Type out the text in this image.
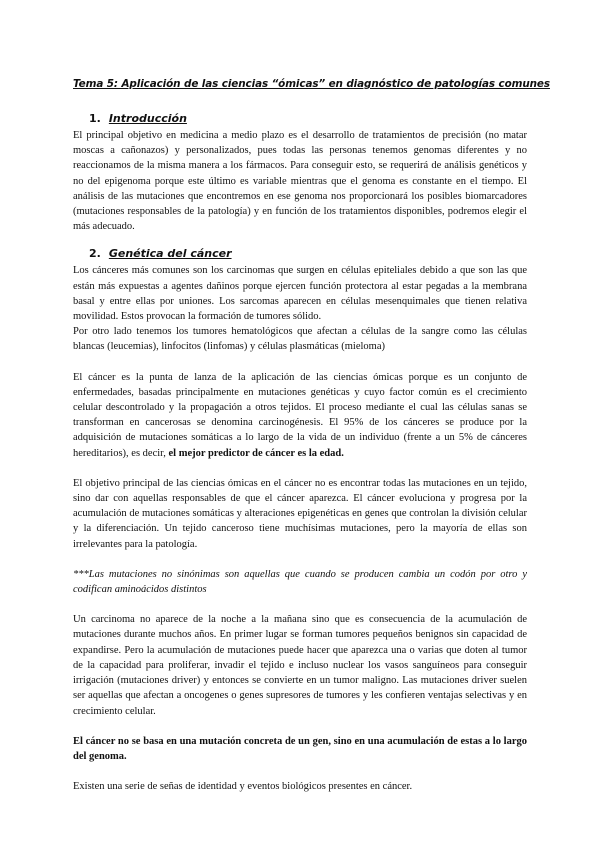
Tema 5: Aplicación de las ciencias “ómicas” en diagnóstico de patologías comunes
1. Introducción

El principal objetivo en medicina a medio plazo es el desarrollo de tratamientos de precisión (no matar moscas a cañonazos) y personalizados, pues todas las personas tenemos genomas diferentes y no reaccionamos de la misma manera a los fármacos. Para conseguir esto, se requerirá de análisis genéticos y no del epigenoma porque este último es variable mientras que el genoma es constante en el tiempo. El análisis de las mutaciones que encontremos en ese genoma nos proporcionará los posibles biomarcadores (mutaciones responsables de la patología) y en función de los tratamientos disponibles, podremos elegir el más adecuado.

2. Genética del cáncer

Los cánceres más comunes son los carcinomas que surgen en células epiteliales debido a que son las que están más expuestas a agentes dañinos porque ejercen función protectora al estar pegadas a la membrana basal y entre ellas por uniones. Los sarcomas aparecen en células mesenquimales que tienen relativa movilidad. Estos provocan la formación de tumores sólido.

Por otro lado tenemos los tumores hematológicos que afectan a células de la sangre como las células blancas (leucemias), linfocitos (linfomas) y células plasmáticas (mieloma)

El cáncer es la punta de lanza de la aplicación de las ciencias ómicas porque es un conjunto de enfermedades, basadas principalmente en mutaciones genéticas y cuyo factor común es el crecimiento celular descontrolado y la propagación a otros tejidos. El proceso mediante el cual las células sanas se transforman en cancerosas se denomina carcinogénesis. El 95% de los cánceres se produce por la adquisición de mutaciones somáticas a lo largo de la vida de un individuo (frente a un 5% de cánceres hereditarios), es decir, el mejor predictor de cáncer es la edad.

El objetivo principal de las ciencias ómicas en el cáncer no es encontrar todas las mutaciones en un tejido, sino dar con aquellas responsables de que el cáncer aparezca. El cáncer evoluciona y progresa por la acumulación de mutaciones somáticas y alteraciones epigenéticas en genes que controlan la división celular y la diferenciación. Un tejido canceroso tiene muchísimas mutaciones, pero la mayoría de ellas son irrelevantes para la patología.

***Las mutaciones no sinónimas son aquellas que cuando se producen cambia un codón por otro y codifican aminoácidos distintos

Un carcinoma no aparece de la noche a la mañana sino que es consecuencia de la acumulación de mutaciones durante muchos años. En primer lugar se forman tumores pequeños benignos sin capacidad de expandirse. Pero la acumulación de mutaciones puede hacer que aparezca una o varias que doten al tumor de la capacidad para proliferar, invadir el tejido e incluso nuclear los vasos sanguíneos para conseguir irrigación (mutaciones driver) y entonces se convierte en un tumor maligno. Las mutaciones driver suelen ser aquellas que afectan a oncogenes o genes supresores de tumores y les confieren ventajas selectivas y en crecimiento celular.

El cáncer no se basa en una mutación concreta de un gen, sino en una acumulación de estas a lo largo del genoma.

Existen una serie de señas de identidad y eventos biológicos presentes en cáncer.
